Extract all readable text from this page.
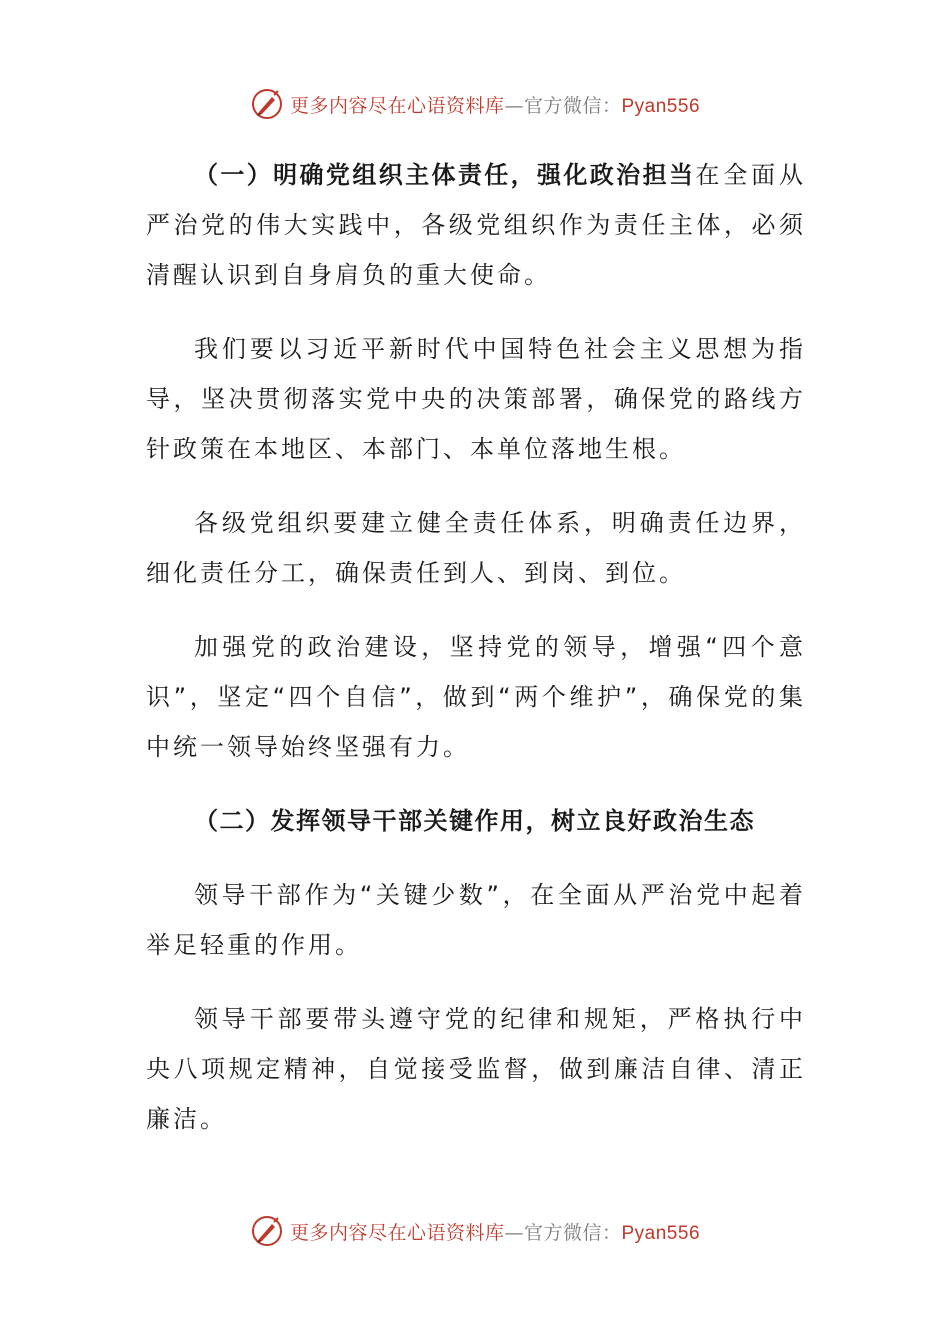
更多内容尽在心语资料库—官方微信：Pyan556

（一）明确党组织主体责任，强化政治担当在全面从严治党的伟大实践中，各级党组织作为责任主体，必须清醒认识到自身肩负的重大使命。

我们要以习近平新时代中国特色社会主义思想为指导，坚决贯彻落实党中央的决策部署，确保党的路线方针政策在本地区、本部门、本单位落地生根。

各级党组织要建立健全责任体系，明确责任边界，细化责任分工，确保责任到人、到岗、到位。

加强党的政治建设，坚持党的领导，增强“四个意识”，坚定“四个自信”，做到“两个维护”，确保党的集中统一领导始终坚强有力。

（二）发挥领导干部关键作用，树立良好政治生态

领导干部作为“关键少数”，在全面从严治党中起着举足轻重的作用。

领导干部要带头遵守党的纪律和规矩，严格执行中央八项规定精神，自觉接受监督，做到廉洁自律、清正廉洁。

更多内容尽在心语资料库—官方微信：Pyan556
